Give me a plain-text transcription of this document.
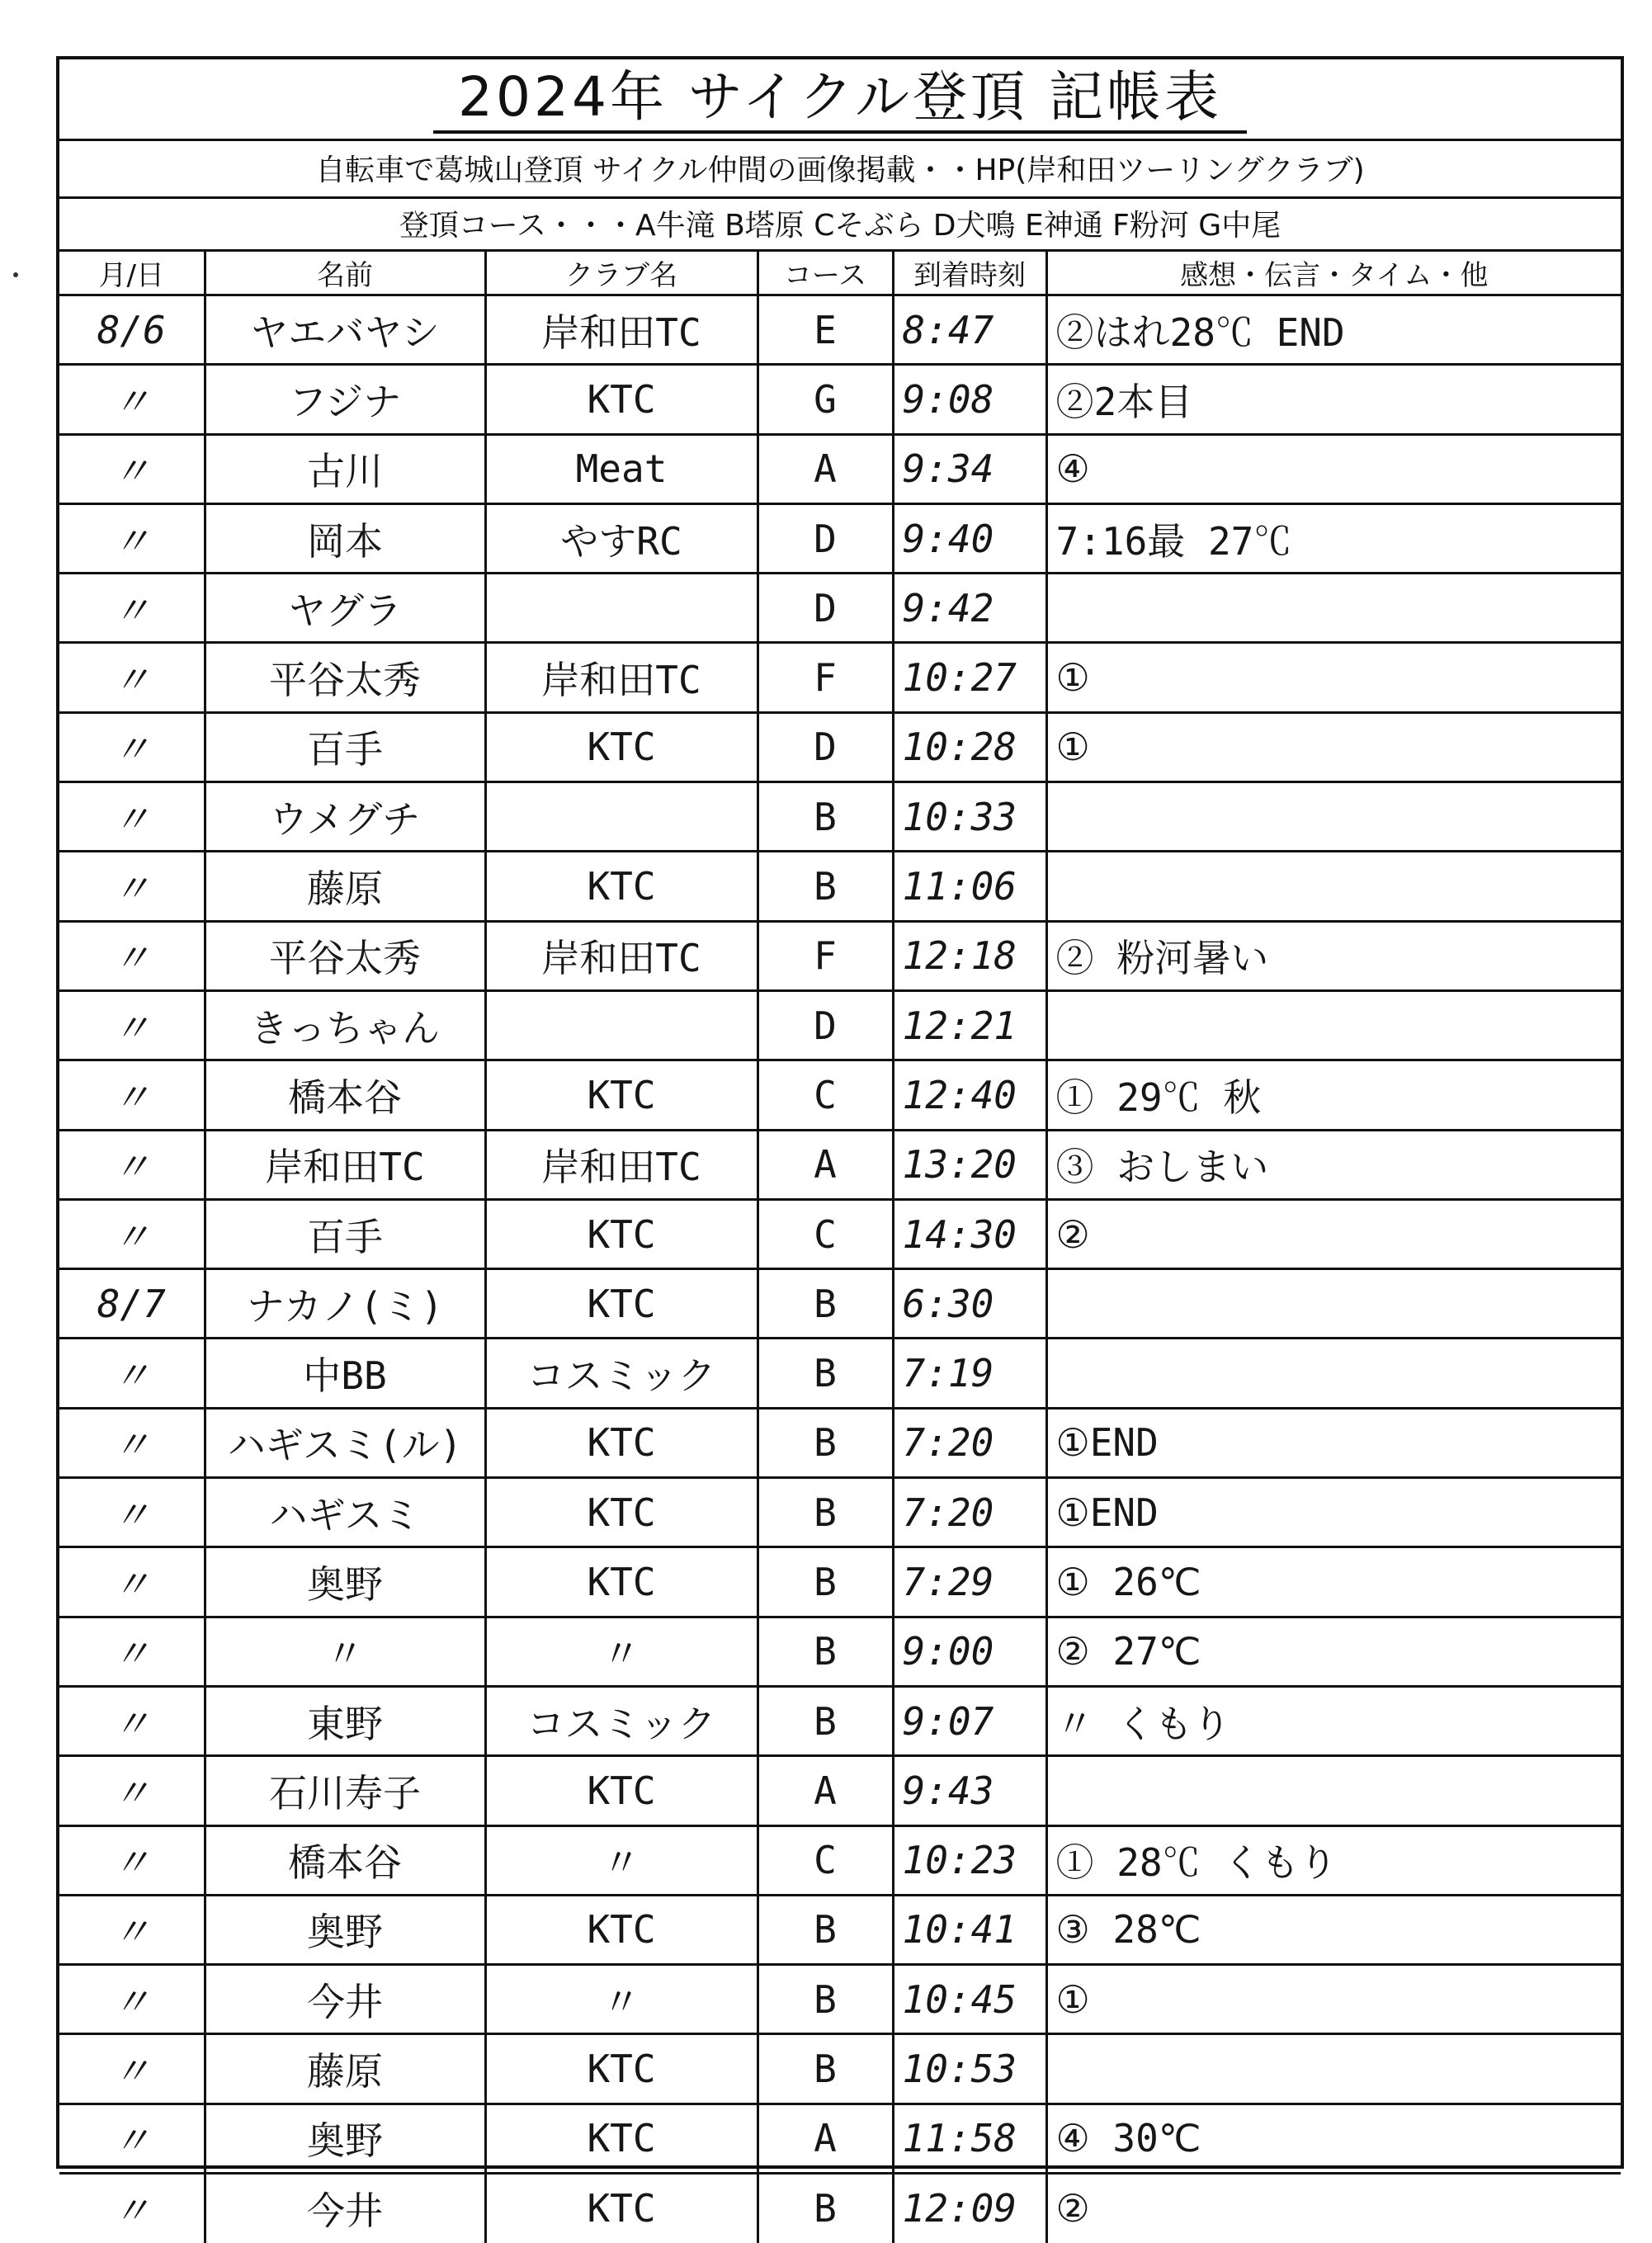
2024年 サイクル登頂 記帳表
自転車で葛城山登頂 サイクル仲間の画像掲載・・HP(岸和田ツーリングクラブ)
登頂コース・・・A牛滝 B塔原 Cそぶら D犬鳴 E神通 F粉河 G中尾
月/日	名前	クラブ名	コース	到着時刻	感想・伝言・タイム・他
8/6	ヤエバヤシ	岸和田TC	E	8:47	②はれ28℃ END
〃	フジナ	KTC	G	9:08	②2本目
〃	古川	Meat	A	9:34	④
〃	岡本	やすRC	D	9:40	7:16最 27℃
〃	ヤグラ		D	9:42	
〃	平谷太秀	岸和田TC	F	10:27	①
〃	百手	KTC	D	10:28	①
〃	ウメグチ		B	10:33	
〃	藤原	KTC	B	11:06	
〃	平谷太秀	岸和田TC	F	12:18	② 粉河暑い
〃	きっちゃん		D	12:21	
〃	橋本谷	KTC	C	12:40	① 29℃ 秋
〃	岸和田TC	岸和田TC	A	13:20	③ おしまい
〃	百手	KTC	C	14:30	②
8/7	ナカノ(ミ)	KTC	B	6:30	
〃	中BB	コスミック	B	7:19	
〃	ハギスミ(ル)	KTC	B	7:20	①END
〃	ハギスミ	KTC	B	7:20	①END
〃	奥野	KTC	B	7:29	① 26℃
〃	〃	〃	B	9:00	② 27℃
〃	東野	コスミック	B	9:07	〃 くもり
〃	石川寿子	KTC	A	9:43	
〃	橋本谷	〃	C	10:23	① 28℃ くもり
〃	奥野	KTC	B	10:41	③ 28℃
〃	今井	〃	B	10:45	①
〃	藤原	KTC	B	10:53	
〃	奥野	KTC	A	11:58	④ 30℃
〃	今井	KTC	B	12:09	②
